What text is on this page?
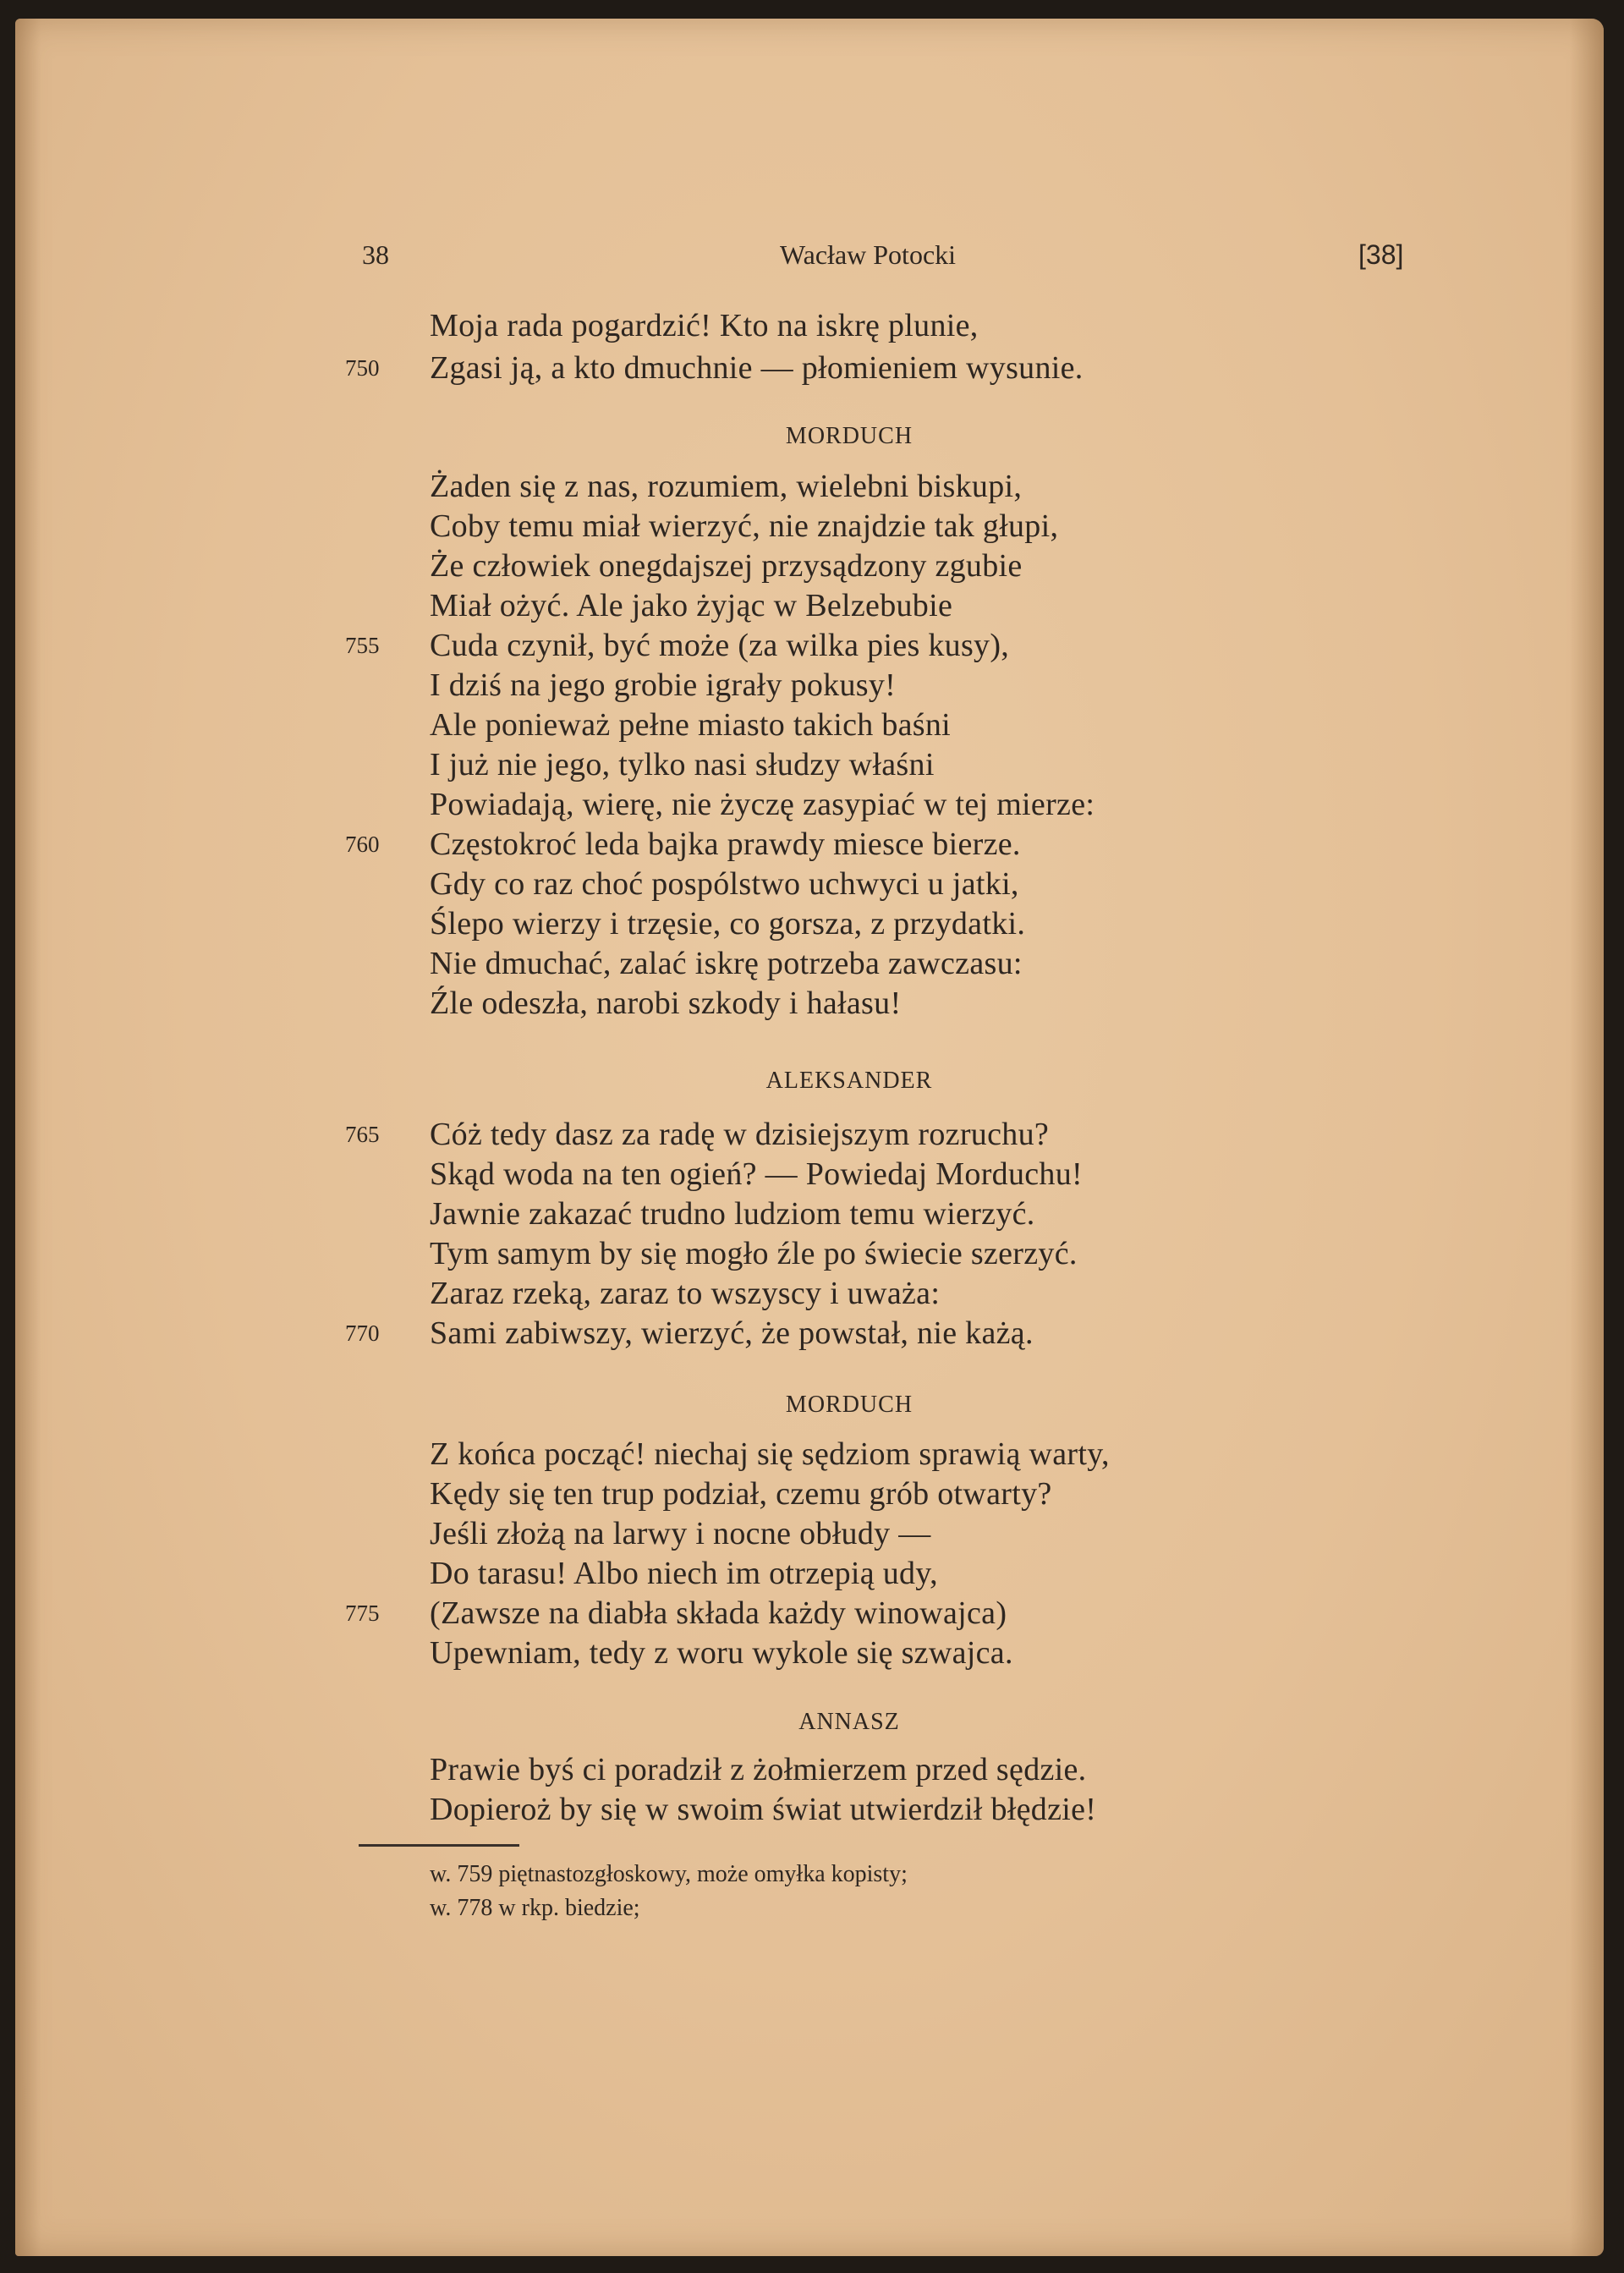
38	Wacław Potocki	[38]
Moja rada pogardzić! Kto na iskrę plunie,
750 Zgasi ją, a kto dmuchnie — płomieniem wysunie.
MORDUCH
Żaden się z nas, rozumiem, wielebni biskupi,
Coby temu miał wierzyć, nie znajdzie tak głupi,
Że człowiek onegdajszej przysądzony zgubie
Miał ożyć. Ale jako żyjąc w Belzebubie
755 Cuda czynił, być może (za wilka pies kusy),
I dziś na jego grobie igrały pokusy!
Ale ponieważ pełne miasto takich baśni
I już nie jego, tylko nasi słudzy właśni
Powiadają, wierę, nie życzę zasypiać w tej mierze:
760 Częstokroć leda bajka prawdy miesce bierze.
Gdy co raz choć pospólstwo uchwyci u jatki,
Ślepo wierzy i trzęsie, co gorsza, z przydatki.
Nie dmuchać, zalać iskrę potrzeba zawczasu:
Źle odeszła, narobi szkody i hałasu!
ALEKSANDER
765 Cóż tedy dasz za radę w dzisiejszym rozruchu?
Skąd woda na ten ogień? — Powiedaj Morduchu!
Jawnie zakazać trudno ludziom temu wierzyć.
Tym samym by się mogło źle po świecie szerzyć.
Zaraz rzeką, zaraz to wszyscy i uważa:
770 Sami zabiwszy, wierzyć, że powstał, nie każą.
MORDUCH
Z końca począć! niechaj się sędziom sprawią warty,
Kędy się ten trup podział, czemu grób otwarty?
Jeśli złożą na larwy i nocne obłudy —
Do tarasu! Albo niech im otrzepią udy,
775 (Zawsze na diabła składa każdy winowajca)
Upewniam, tedy z woru wykole się szwajca.
ANNASZ
Prawie byś ci poradził z żołmierzem przed sędzie.
Dopieroż by się w swoim świat utwierdził błędzie!
w. 759 piętnastozgłoskowy, może omyłka kopisty;
w. 778 w rkp. biedzie;
